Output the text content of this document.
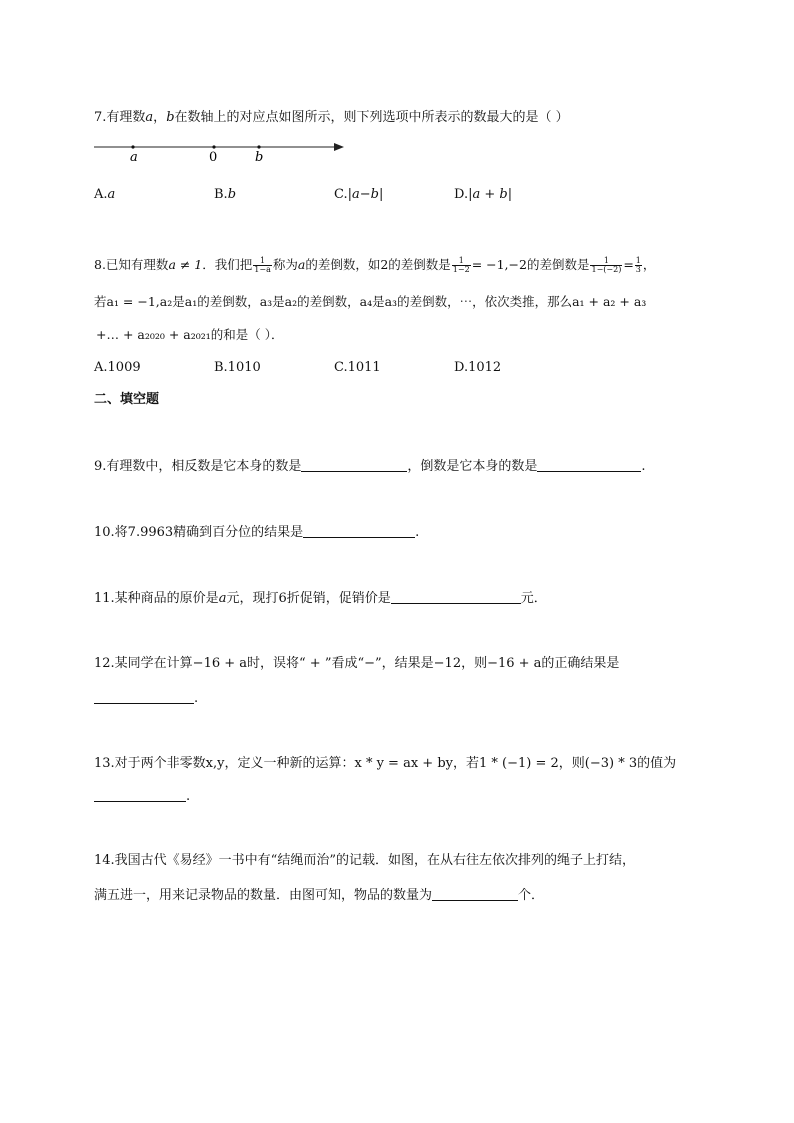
7.有理数a，b在数轴上的对应点如图所示，则下列选项中所表示的数最大的是（ ）
a	0	b
A.a	B.b	C.|a−b|	D.|a + b|
8.已知有理数a ≠ 1．我们把 $\frac{1}{1-a}$ 称为a的差倒数，如2的差倒数是 $\frac{1}{1-2} = -1,-2$的差倒数是 $\frac{1}{1-(-2)} = \frac{1}{3}$ ，
若a₁ = −1,a₂是a₁的差倒数，a₃是a₂的差倒数，a₄是a₃的差倒数，⋯，依次类推，那么a₁ + a₂ + a₃
+… + a₂₀₂₀ + a₂₀₂₁的和是（ ）．
A.1009	B.1010	C.1011	D.1012
二、填空题
9.有理数中，相反数是它本身的数是	，倒数是它本身的数是	.
10.将7.9963精确到百分位的结果是	.
11.某种商品的原价是a元，现打6折促销，促销价是	元．
12.某同学在计算−16 + a时，误将“ + ”看成“−”，结果是−12，则−16 + a的正确结果是
.
13.对于两个非零数x,y，定义一种新的运算：x * y = ax + by，若1 * (−1) = 2，则(−3) * 3的值为
.
14.我国古代《易经》一书中有“结绳而治”的记载．如图，在从右往左依次排列的绳子上打结，
满五进一，用来记录物品的数量．由图可知，物品的数量为	个．
